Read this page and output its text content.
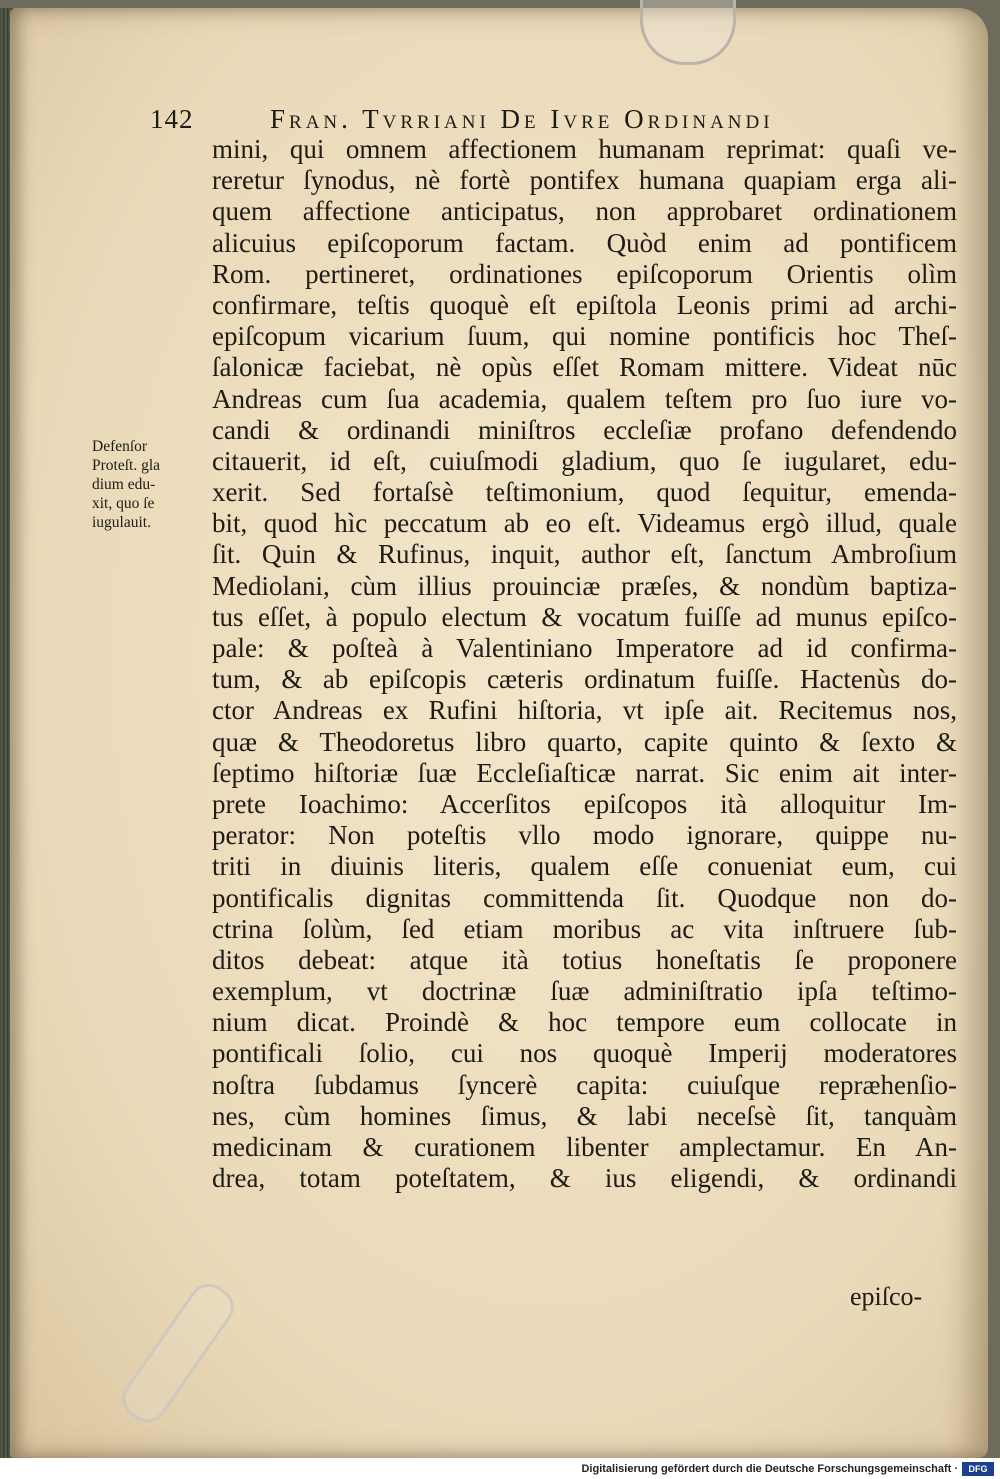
142	Fran. Tvrriani De Ivre Ordinandi
Defenſor
Proteſt. gla
dium edu-
xit, quo ſe
iugulauit.
mini, qui omnem affectionem humanam reprimat: quaſi ve-
reretur ſynodus, nè fortè pontifex humana quapiam erga ali-
quem affectione anticipatus, non approbaret ordinationem
alicuius epiſcoporum factam. Quòd enim ad pontificem
Rom. pertineret, ordinationes epiſcoporum Orientis olìm
confirmare, teſtis quoquè eſt epiſtola Leonis primi ad archi-
epiſcopum vicarium ſuum, qui nomine pontificis hoc Theſ-
ſalonicæ faciebat, nè opùs eſſet Romam mittere. Videat nūc
Andreas cum ſua academia, qualem teſtem pro ſuo iure vo-
candi & ordinandi miniſtros eccleſiæ profano defendendo
citauerit, id eſt, cuiuſmodi gladium, quo ſe iugularet, edu-
xerit. Sed fortaſsè teſtimonium, quod ſequitur, emenda-
bit, quod hìc peccatum ab eo eſt. Videamus ergò illud, quale
ſit. Quin & Rufinus, inquit, author eſt, ſanctum Ambroſium
Mediolani, cùm illius prouinciæ præſes, & nondùm baptiza-
tus eſſet, à populo electum & vocatum fuiſſe ad munus epiſco-
pale: & poſteà à Valentiniano Imperatore ad id confirma-
tum, & ab epiſcopis cæteris ordinatum fuiſſe. Hactenùs do-
ctor Andreas ex Rufini hiſtoria, vt ipſe ait. Recitemus nos,
quæ & Theodoretus libro quarto, capite quinto & ſexto &
ſeptimo hiſtoriæ ſuæ Eccleſiaſticæ narrat. Sic enim ait inter-
prete Ioachimo: Accerſitos epiſcopos ità alloquitur Im-
perator: Non poteſtis vllo modo ignorare, quippe nu-
triti in diuinis literis, qualem eſſe conueniat eum, cui
pontificalis dignitas committenda ſit. Quodque non do-
ctrina ſolùm, ſed etiam moribus ac vita inſtruere ſub-
ditos debeat: atque ità totius honeſtatis ſe proponere
exemplum, vt doctrinæ ſuæ adminiſtratio ipſa teſtimo-
nium dicat. Proindè & hoc tempore eum collocate in
pontificali ſolio, cui nos quoquè Imperij moderatores
noſtra ſubdamus ſyncerè capita: cuiuſque repræhenſio-
nes, cùm homines ſimus, & labi neceſsè ſit, tanquàm
medicinam & curationem libenter amplectamur. En An-
drea, totam poteſtatem, & ius eligendi, & ordinandi
epiſco-
Digitalisierung gefördert durch die Deutsche Forschungsgemeinschaft ·	DFG
